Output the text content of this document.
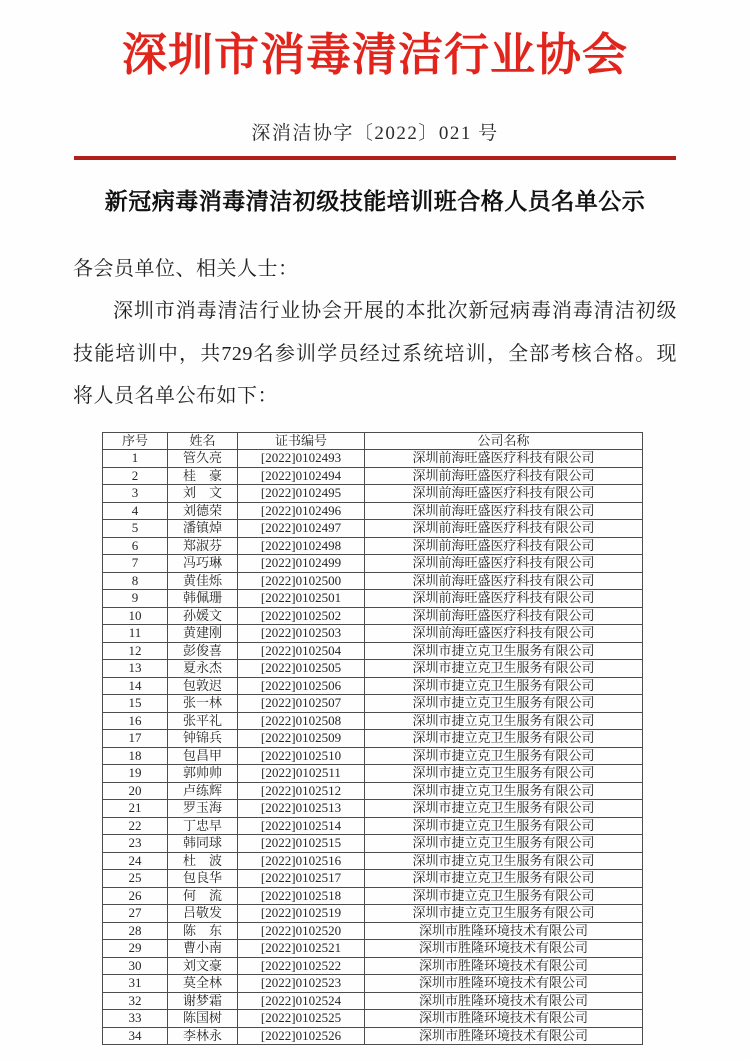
深圳市消毒清洁行业协会
深消洁协字〔2022〕021 号
新冠病毒消毒清洁初级技能培训班合格人员名单公示

各会员单位、相关人士：

深圳市消毒清洁行业协会开展的本批次新冠病毒消毒清洁初级技能培训中，共729名参训学员经过系统培训，全部考核合格。现将人员名单公布如下：

序号	姓名	证书编号	公司名称
1	管久亮	[2022]0102493	深圳前海旺盛医疗科技有限公司
2	桂　豪	[2022]0102494	深圳前海旺盛医疗科技有限公司
3	刘　文	[2022]0102495	深圳前海旺盛医疗科技有限公司
4	刘德荣	[2022]0102496	深圳前海旺盛医疗科技有限公司
5	潘镇焯	[2022]0102497	深圳前海旺盛医疗科技有限公司
6	郑淑芬	[2022]0102498	深圳前海旺盛医疗科技有限公司
7	冯巧琳	[2022]0102499	深圳前海旺盛医疗科技有限公司
8	黄佳烁	[2022]0102500	深圳前海旺盛医疗科技有限公司
9	韩佩珊	[2022]0102501	深圳前海旺盛医疗科技有限公司
10	孙媛文	[2022]0102502	深圳前海旺盛医疗科技有限公司
11	黄建刚	[2022]0102503	深圳前海旺盛医疗科技有限公司
12	彭俊喜	[2022]0102504	深圳市捷立克卫生服务有限公司
13	夏永杰	[2022]0102505	深圳市捷立克卫生服务有限公司
14	包敦迟	[2022]0102506	深圳市捷立克卫生服务有限公司
15	张一林	[2022]0102507	深圳市捷立克卫生服务有限公司
16	张平礼	[2022]0102508	深圳市捷立克卫生服务有限公司
17	钟锦兵	[2022]0102509	深圳市捷立克卫生服务有限公司
18	包昌甲	[2022]0102510	深圳市捷立克卫生服务有限公司
19	郭帅帅	[2022]0102511	深圳市捷立克卫生服务有限公司
20	卢练辉	[2022]0102512	深圳市捷立克卫生服务有限公司
21	罗玉海	[2022]0102513	深圳市捷立克卫生服务有限公司
22	丁忠早	[2022]0102514	深圳市捷立克卫生服务有限公司
23	韩同球	[2022]0102515	深圳市捷立克卫生服务有限公司
24	杜　波	[2022]0102516	深圳市捷立克卫生服务有限公司
25	包良华	[2022]0102517	深圳市捷立克卫生服务有限公司
26	何　流	[2022]0102518	深圳市捷立克卫生服务有限公司
27	吕敬发	[2022]0102519	深圳市捷立克卫生服务有限公司
28	陈　东	[2022]0102520	深圳市胜隆环境技术有限公司
29	曹小南	[2022]0102521	深圳市胜隆环境技术有限公司
30	刘文豪	[2022]0102522	深圳市胜隆环境技术有限公司
31	莫全林	[2022]0102523	深圳市胜隆环境技术有限公司
32	谢梦霜	[2022]0102524	深圳市胜隆环境技术有限公司
33	陈国树	[2022]0102525	深圳市胜隆环境技术有限公司
34	李林永	[2022]0102526	深圳市胜隆环境技术有限公司
